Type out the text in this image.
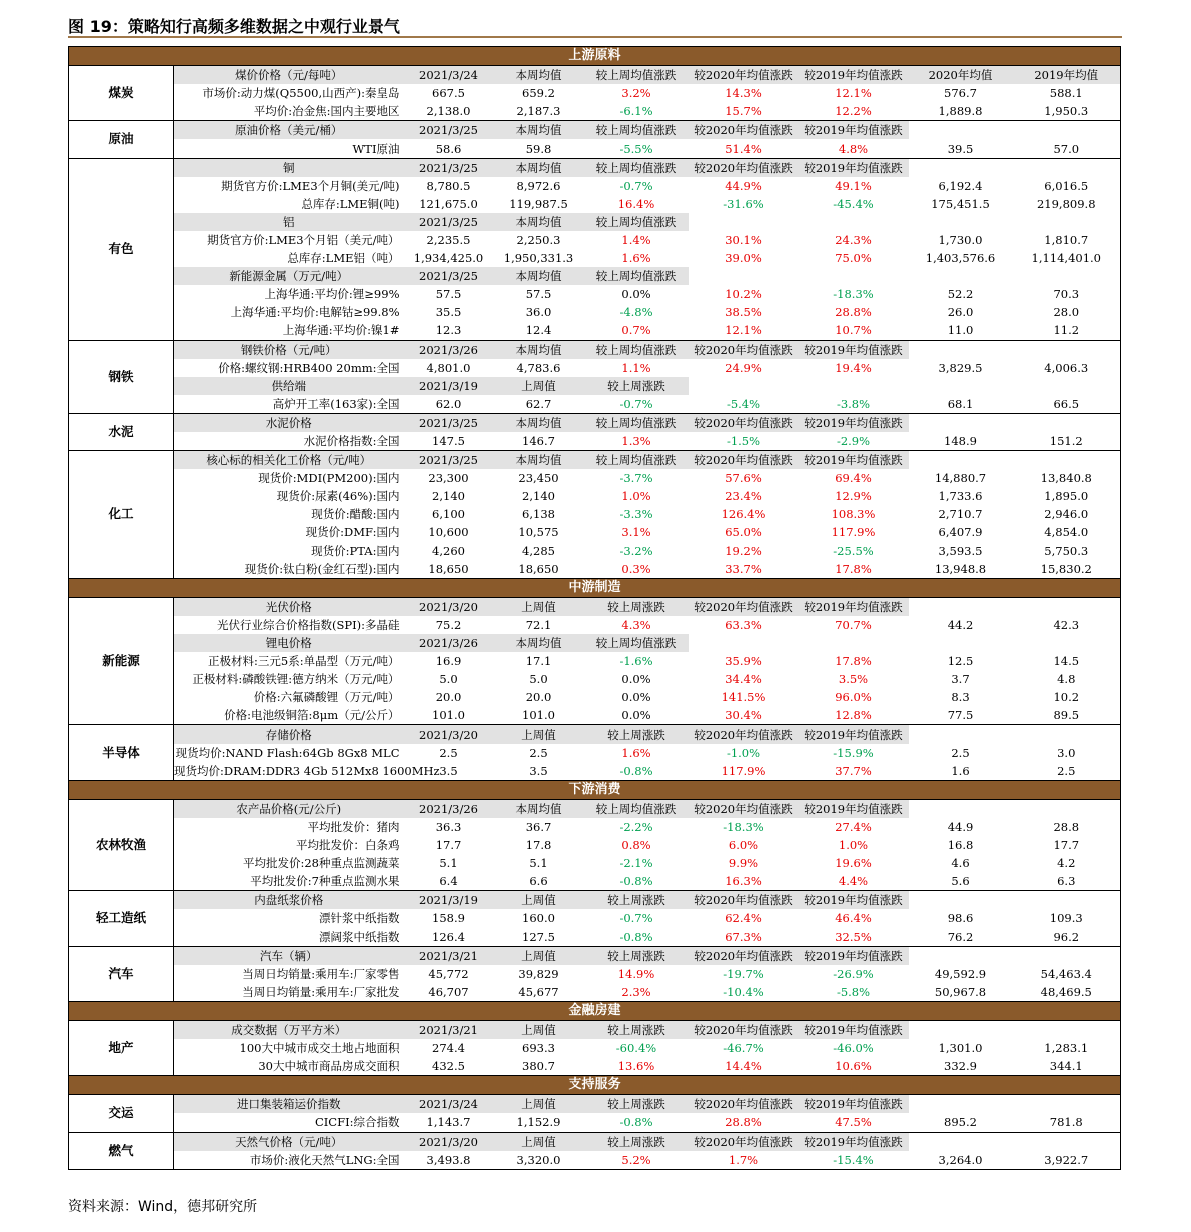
图 19：策略知行高频多维数据之中观行业景气
上游原料								
煤炭	煤价价格（元/每吨）	2021/3/24	本周均值	较上周均值涨跌	较2020年均值涨跌	较2019年均值涨跌	2020年均值	2019年均值
	市场价:动力煤(Q5500,山西产):秦皇岛	667.5	659.2	3.2%	14.3%	12.1%	576.7	588.1
	平均价:冶金焦:国内主要地区	2,138.0	2,187.3	-6.1%	15.7%	12.2%	1,889.8	1,950.3
原油	原油价格（美元/桶）	2021/3/25	本周均值	较上周均值涨跌	较2020年均值涨跌	较2019年均值涨跌		
	WTI原油	58.6	59.8	-5.5%	51.4%	4.8%	39.5	57.0
有色	铜	2021/3/25	本周均值	较上周均值涨跌	较2020年均值涨跌	较2019年均值涨跌		
	期货官方价:LME3个月铜(美元/吨)	8,780.5	8,972.6	-0.7%	44.9%	49.1%	6,192.4	6,016.5
	总库存:LME铜(吨)	121,675.0	119,987.5	16.4%	-31.6%	-45.4%	175,451.5	219,809.8
	铝	2021/3/25	本周均值	较上周均值涨跌				
	期货官方价:LME3个月铝（美元/吨）	2,235.5	2,250.3	1.4%	30.1%	24.3%	1,730.0	1,810.7
	总库存:LME铝（吨）	1,934,425.0	1,950,331.3	1.6%	39.0%	75.0%	1,403,576.6	1,114,401.0
	新能源金属（万元/吨）	2021/3/25	本周均值	较上周均值涨跌				
	上海华通:平均价:锂≥99%	57.5	57.5	0.0%	10.2%	-18.3%	52.2	70.3
	上海华通:平均价:电解钴≥99.8%	35.5	36.0	-4.8%	38.5%	28.8%	26.0	28.0
	上海华通:平均价:镍1#	12.3	12.4	0.7%	12.1%	10.7%	11.0	11.2
钢铁	钢铁价格（元/吨）	2021/3/26	本周均值	较上周均值涨跌	较2020年均值涨跌	较2019年均值涨跌		
	价格:螺纹钢:HRB400 20mm:全国	4,801.0	4,783.6	1.1%	24.9%	19.4%	3,829.5	4,006.3
	供给端	2021/3/19	上周值	较上周涨跌				
	高炉开工率(163家):全国	62.0	62.7	-0.7%	-5.4%	-3.8%	68.1	66.5
水泥	水泥价格	2021/3/25	本周均值	较上周均值涨跌	较2020年均值涨跌	较2019年均值涨跌		
	水泥价格指数:全国	147.5	146.7	1.3%	-1.5%	-2.9%	148.9	151.2
化工	核心标的相关化工价格（元/吨）	2021/3/25	本周均值	较上周均值涨跌	较2020年均值涨跌	较2019年均值涨跌		
	现货价:MDI(PM200):国内	23,300	23,450	-3.7%	57.6%	69.4%	14,880.7	13,840.8
	现货价:尿素(46%):国内	2,140	2,140	1.0%	23.4%	12.9%	1,733.6	1,895.0
	现货价:醋酸:国内	6,100	6,138	-3.3%	126.4%	108.3%	2,710.7	2,946.0
	现货价:DMF:国内	10,600	10,575	3.1%	65.0%	117.9%	6,407.9	4,854.0
	现货价:PTA:国内	4,260	4,285	-3.2%	19.2%	-25.5%	3,593.5	5,750.3
	现货价:钛白粉(金红石型):国内	18,650	18,650	0.3%	33.7%	17.8%	13,948.8	15,830.2
中游制造								
新能源	光伏价格	2021/3/20	上周值	较上周涨跌	较2020年均值涨跌	较2019年均值涨跌		
	光伏行业综合价格指数(SPI):多晶硅	75.2	72.1	4.3%	63.3%	70.7%	44.2	42.3
	锂电价格	2021/3/26	本周均值	较上周均值涨跌				
	正极材料:三元5系:单晶型（万元/吨）	16.9	17.1	-1.6%	35.9%	17.8%	12.5	14.5
	正极材料:磷酸铁锂:德方纳米（万元/吨）	5.0	5.0	0.0%	34.4%	3.5%	3.7	4.8
	价格:六氟磷酸锂（万元/吨）	20.0	20.0	0.0%	141.5%	96.0%	8.3	10.2
	价格:电池级铜箔:8μm（元/公斤）	101.0	101.0	0.0%	30.4%	12.8%	77.5	89.5
半导体	存储价格	2021/3/20	上周值	较上周涨跌	较2020年均值涨跌	较2019年均值涨跌		
	现货均价:NAND Flash:64Gb 8Gx8 MLC	2.5	2.5	1.6%	-1.0%	-15.9%	2.5	3.0
	现货均价:DRAM:DDR3 4Gb 512Mx8 1600MHz	3.5	3.5	-0.8%	117.9%	37.7%	1.6	2.5
下游消费								
农林牧渔	农产品价格(元/公斤)	2021/3/26	本周均值	较上周均值涨跌	较2020年均值涨跌	较2019年均值涨跌		
	平均批发价：猪肉	36.3	36.7	-2.2%	-18.3%	27.4%	44.9	28.8
	平均批发价：白条鸡	17.7	17.8	0.8%	6.0%	1.0%	16.8	17.7
	平均批发价:28种重点监测蔬菜	5.1	5.1	-2.1%	9.9%	19.6%	4.6	4.2
	平均批发价:7种重点监测水果	6.4	6.6	-0.8%	16.3%	4.4%	5.6	6.3
轻工造纸	内盘纸浆价格	2021/3/19	上周值	较上周涨跌	较2020年均值涨跌	较2019年均值涨跌		
	漂针浆中纸指数	158.9	160.0	-0.7%	62.4%	46.4%	98.6	109.3
	漂阔浆中纸指数	126.4	127.5	-0.8%	67.3%	32.5%	76.2	96.2
汽车	汽车（辆）	2021/3/21	上周值	较上周涨跌	较2020年均值涨跌	较2019年均值涨跌		
	当周日均销量:乘用车:厂家零售	45,772	39,829	14.9%	-19.7%	-26.9%	49,592.9	54,463.4
	当周日均销量:乘用车:厂家批发	46,707	45,677	2.3%	-10.4%	-5.8%	50,967.8	48,469.5
金融房建								
地产	成交数据（万平方米）	2021/3/21	上周值	较上周涨跌	较2020年均值涨跌	较2019年均值涨跌		
	100大中城市成交土地占地面积	274.4	693.3	-60.4%	-46.7%	-46.0%	1,301.0	1,283.1
	30大中城市商品房成交面积	432.5	380.7	13.6%	14.4%	10.6%	332.9	344.1
支持服务								
交运	进口集装箱运价指数	2021/3/24	上周值	较上周涨跌	较2020年均值涨跌	较2019年均值涨跌		
	CICFI:综合指数	1,143.7	1,152.9	-0.8%	28.8%	47.5%	895.2	781.8
燃气	天然气价格（元/吨）	2021/3/20	上周值	较上周涨跌	较2020年均值涨跌	较2019年均值涨跌		
	市场价:液化天然气LNG:全国	3,493.8	3,320.0	5.2%	1.7%	-15.4%	3,264.0	3,922.7
资料来源：Wind，德邦研究所
